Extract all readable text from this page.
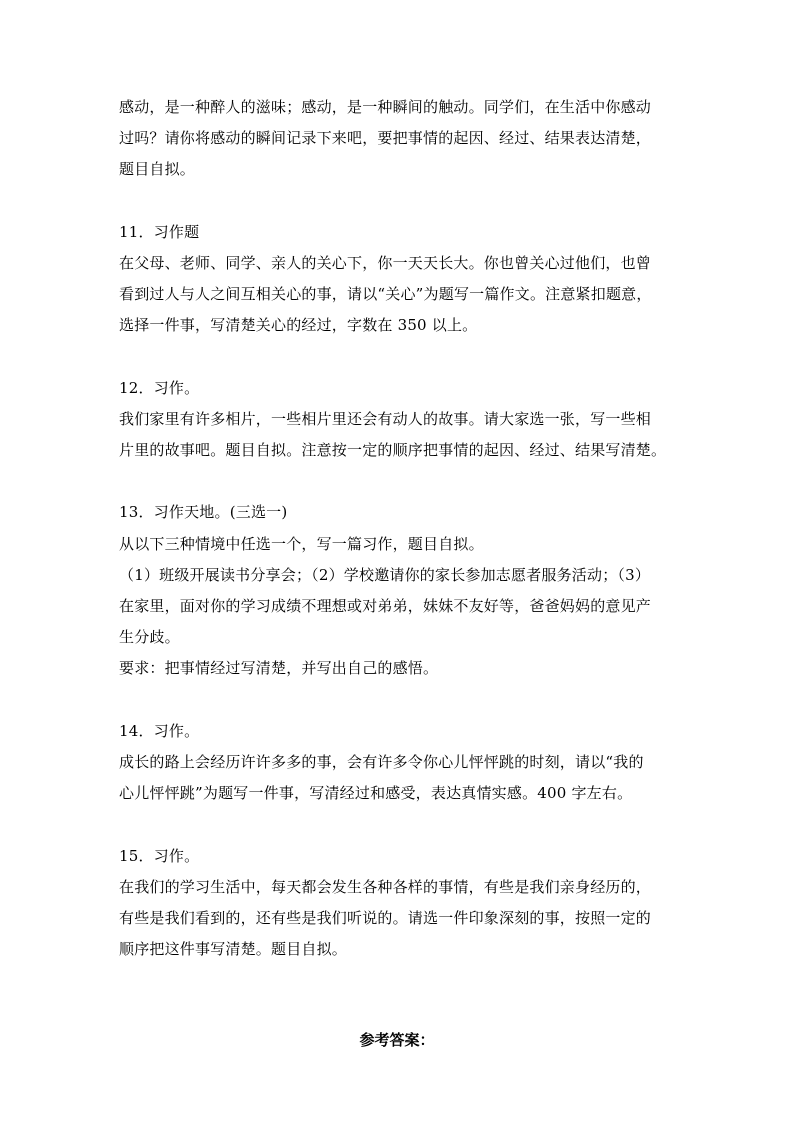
感动，是一种醉人的滋味；感动，是一种瞬间的触动。同学们，在生活中你感动
过吗？请你将感动的瞬间记录下来吧，要把事情的起因、经过、结果表达清楚，
题目自拟。
11．习作题
在父母、老师、同学、亲人的关心下，你一天天长大。你也曾关心过他们，也曾
看到过人与人之间互相关心的事，请以“关心”为题写一篇作文。注意紧扣题意，
选择一件事，写清楚关心的经过，字数在 350 以上。
12．习作。
我们家里有许多相片，一些相片里还会有动人的故事。请大家选一张，写一些相
片里的故事吧。题目自拟。注意按一定的顺序把事情的起因、经过、结果写清楚。
13．习作天地。(三选一)
从以下三种情境中任选一个，写一篇习作，题目自拟。
（1）班级开展读书分享会；（2）学校邀请你的家长参加志愿者服务活动；（3）
在家里，面对你的学习成绩不理想或对弟弟，妹妹不友好等，爸爸妈妈的意见产
生分歧。
要求：把事情经过写清楚，并写出自己的感悟。
14．习作。
成长的路上会经历许许多多的事，会有许多令你心儿怦怦跳的时刻，请以“我的
心儿怦怦跳”为题写一件事，写清经过和感受，表达真情实感。400 字左右。
15．习作。
在我们的学习生活中，每天都会发生各种各样的事情，有些是我们亲身经历的，
有些是我们看到的，还有些是我们听说的。请选一件印象深刻的事，按照一定的
顺序把这件事写清楚。题目自拟。
参考答案：
